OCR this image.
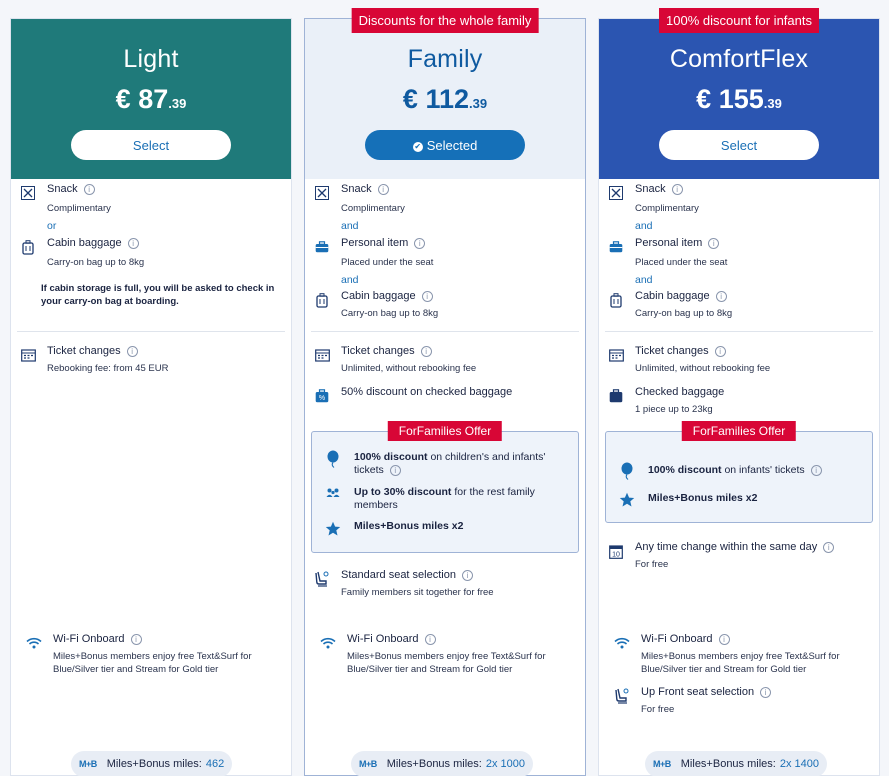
Light
€ 87.39
Select
Snack i
Complimentary
or
Cabin baggage i
Carry-on bag up to 8kg
If cabin storage is full, you will be asked to check in your carry-on bag at boarding.
Ticket changes i
Rebooking fee: from 45 EUR
Wi-Fi Onboard i
Miles+Bonus members enjoy free Text&Surf for
Blue/Silver tier and Stream for Gold tier
M+B Miles+Bonus miles: 462
Discounts for the whole family
Family
€ 112.39
✔ Selected
Snack i
Complimentary
and
Personal item i
Placed under the seat
and
Cabin baggage i
Carry-on bag up to 8kg
Ticket changes i
Unlimited, without rebooking fee
%
50% discount on checked baggage
ForFamilies Offer
100% discount on children's and infants' tickets i
Up to 30% discount for the rest family members
Miles+Bonus miles x2
Standard seat selection i
Family members sit together for free
Wi-Fi Onboard i
Miles+Bonus members enjoy free Text&Surf for
Blue/Silver tier and Stream for Gold tier
M+B Miles+Bonus miles: 2x 1000
100% discount for infants
ComfortFlex
€ 155.39
Select
Snack i
Complimentary
and
Personal item i
Placed under the seat
and
Cabin baggage i
Carry-on bag up to 8kg
Ticket changes i
Unlimited, without rebooking fee
Checked baggage
1 piece up to 23kg
ForFamilies Offer
100% discount on infants' tickets i
Miles+Bonus miles x2
10
Any time change within the same day i
For free
Wi-Fi Onboard i
Miles+Bonus members enjoy free Text&Surf for
Blue/Silver tier and Stream for Gold tier
Up Front seat selection i
For free
M+B Miles+Bonus miles: 2x 1400
